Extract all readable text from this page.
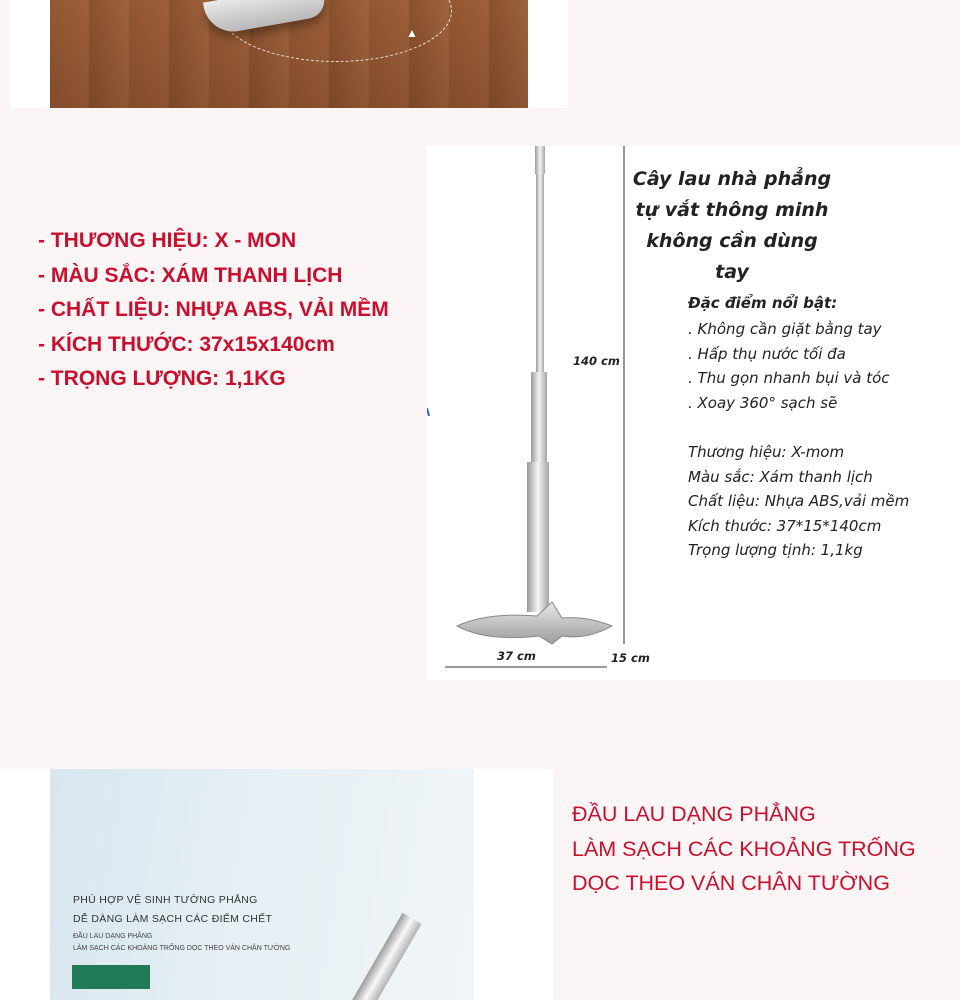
▲
- THƯƠNG HIỆU: X - MON
- MÀU SẮC: XÁM THANH LỊCH
- CHẤT LIỆU: NHỰA ABS, VẢI MỀM
- KÍCH THƯỚC: 37x15x140cm
- TRỌNG LƯỢNG: 1,1KG
Cây lau nhà phẳng
tự vắt thông minh
không cần dùng tay
Đặc điểm nổi bật:
. Không cần giặt bằng tay
. Hấp thụ nước tối đa
. Thu gọn nhanh bụi và tóc
. Xoay 360° sạch sẽ
Thương hiệu: X-mom
Màu sắc: Xám thanh lịch
Chất liệu: Nhựa ABS,vải mềm
Kích thước: 37*15*140cm
Trọng lượng tịnh: 1,1kg
140 cm
37 cm	15 cm
PHÙ HỢP VỆ SINH TƯỜNG PHẲNG
DỄ DÀNG LÀM SẠCH CÁC ĐIỂM CHẾT
ĐẦU LAU DẠNG PHẲNG
LÀM SẠCH CÁC KHOẢNG TRỐNG DỌC THEO VÁN CHÂN TƯỜNG
ĐẦU LAU DẠNG PHẲNG
LÀM SẠCH CÁC KHOẢNG TRỐNG
DỌC THEO VÁN CHÂN TƯỜNG
